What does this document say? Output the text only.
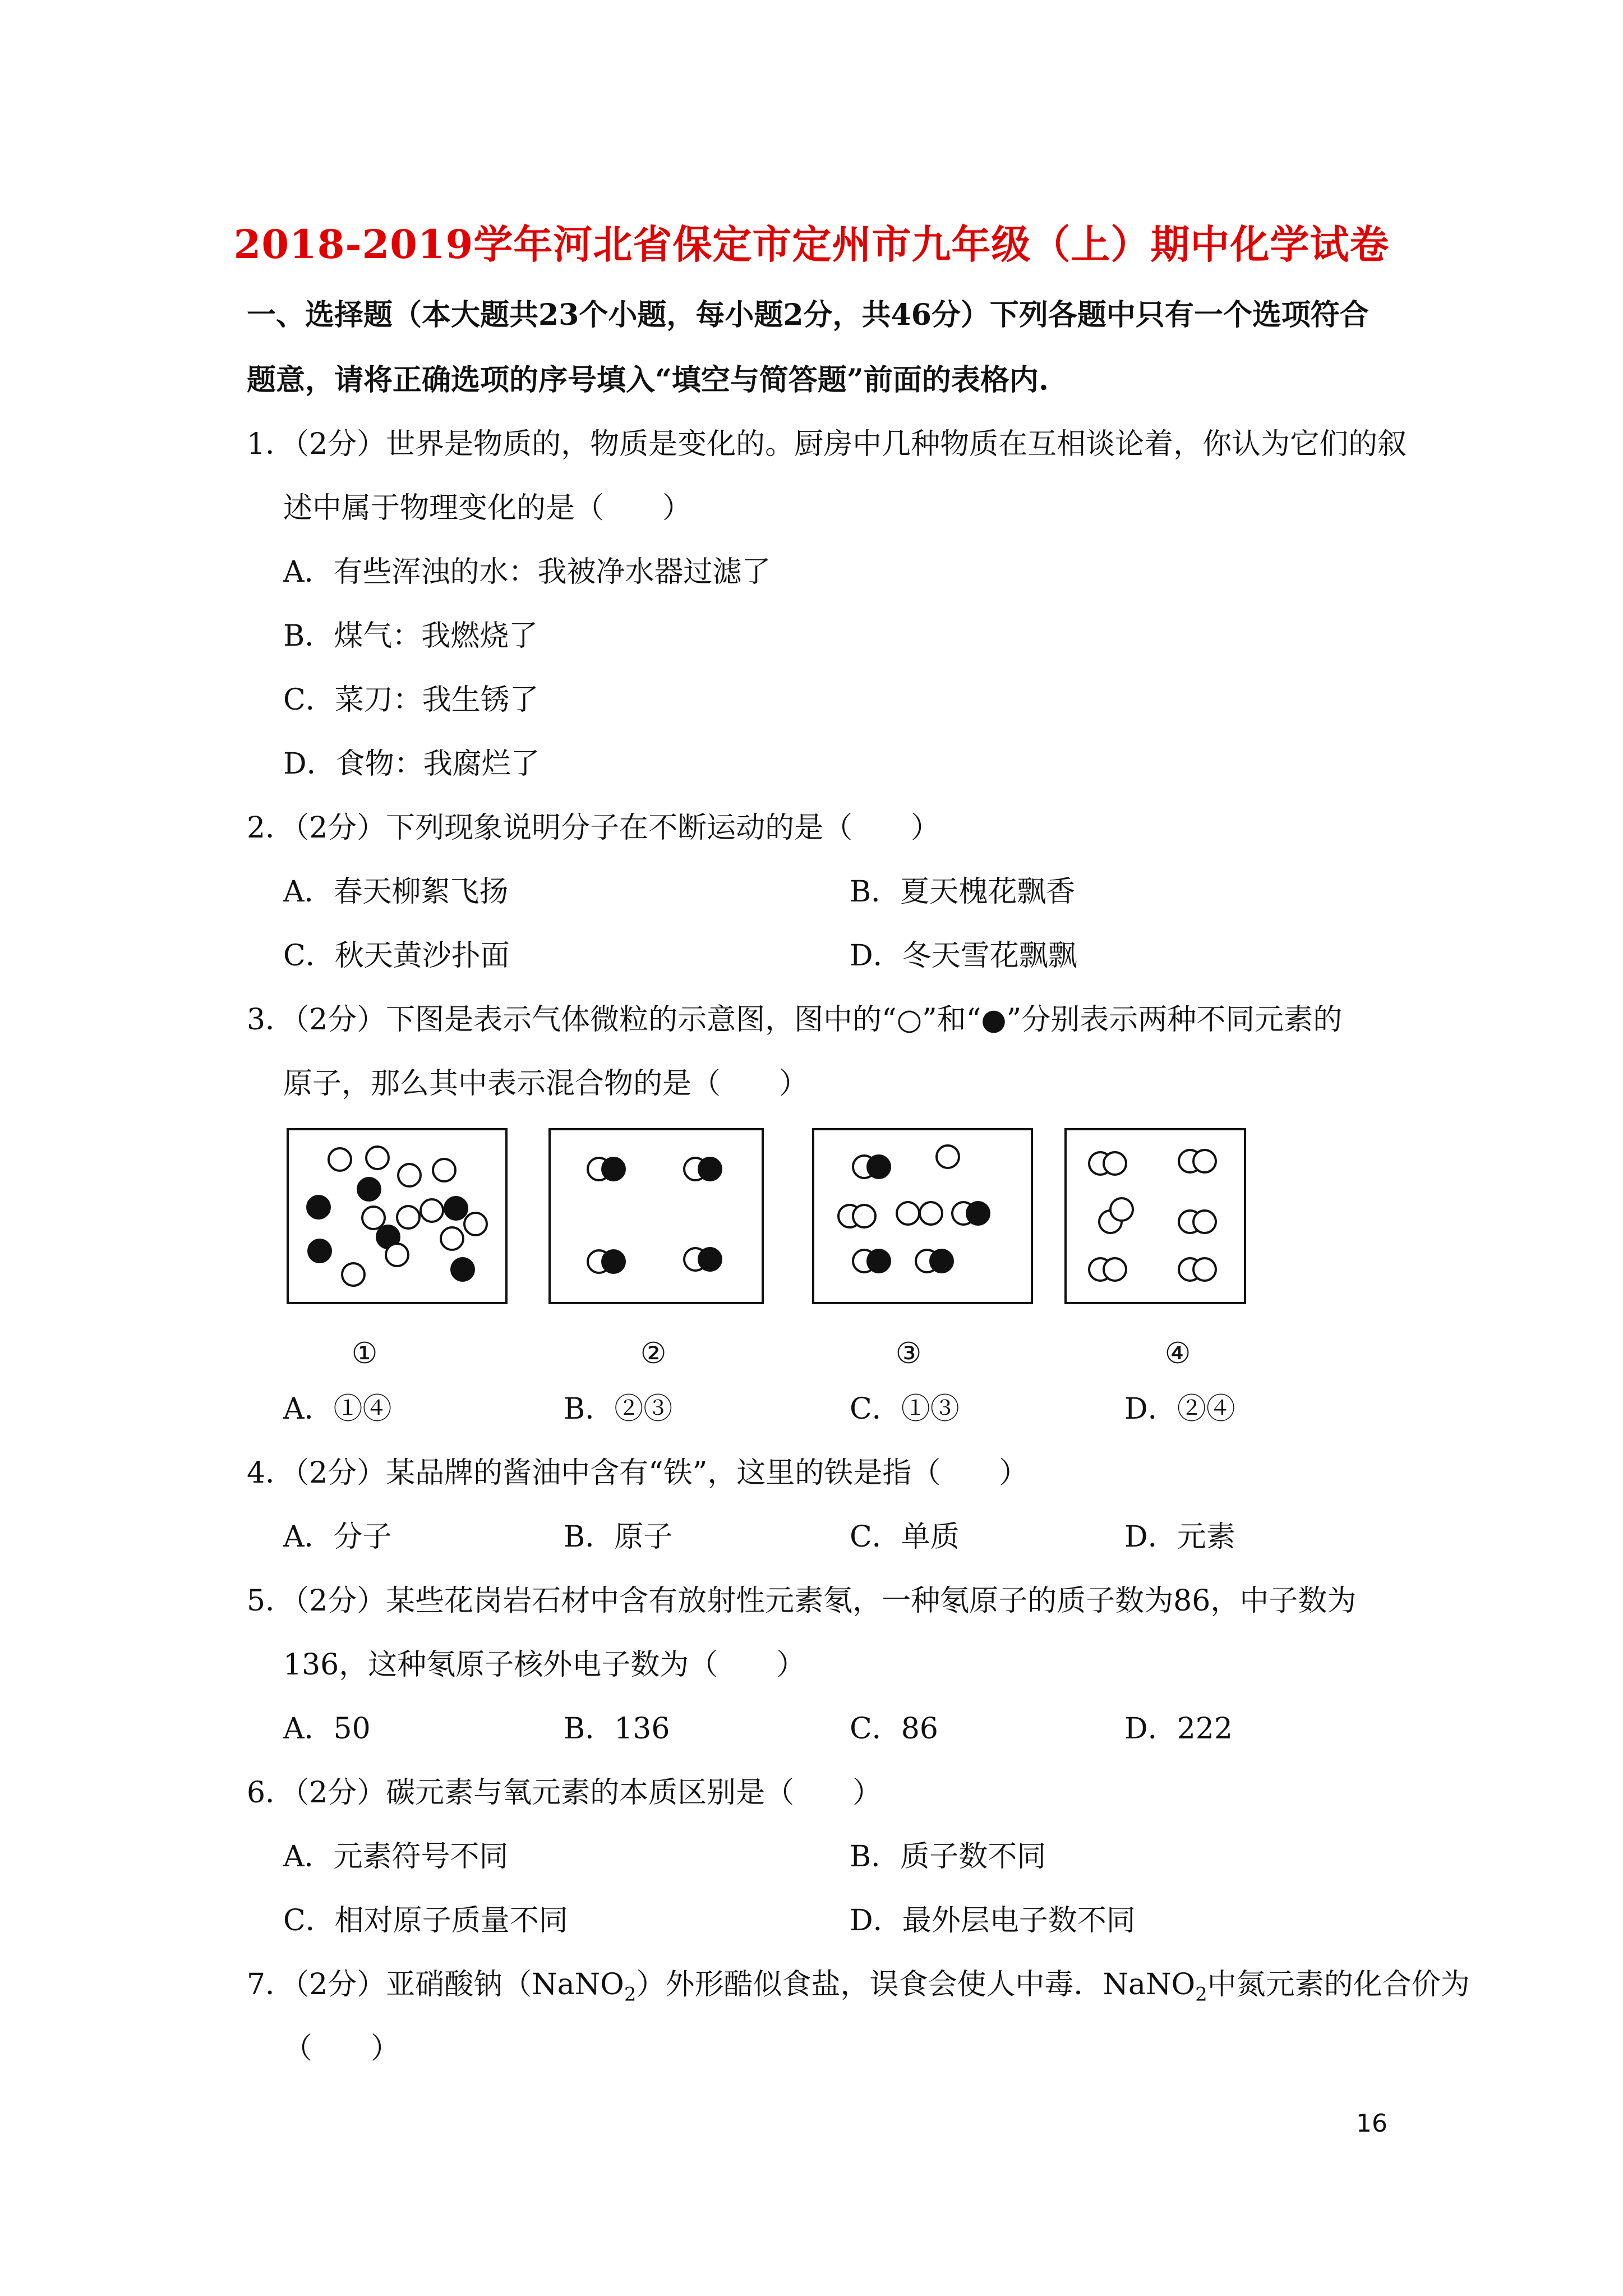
2018-2019学年河北省保定市定州市九年级（上）期中化学试卷
一、选择题（本大题共23个小题，每小题2分，共46分）下列各题中只有一个选项符合
题意，请将正确选项的序号填入“填空与简答题”前面的表格内.
1．（2分）世界是物质的，物质是变化的。厨房中几种物质在互相谈论着，你认为它们的叙
述中属于物理变化的是（　　）
A．有些浑浊的水：我被净水器过滤了
B．煤气：我燃烧了
C．菜刀：我生锈了
D．食物：我腐烂了
2．（2分）下列现象说明分子在不断运动的是（　　）
A．春天柳絮飞扬	B．夏天槐花飘香
C．秋天黄沙扑面	D．冬天雪花飘飘
3．（2分）下图是表示气体微粒的示意图，图中的“○”和“●”分别表示两种不同元素的
原子，那么其中表示混合物的是（　　）
①	②	③	④
A．①④	B．②③	C．①③	D．②④
4．（2分）某品牌的酱油中含有“铁”，这里的铁是指（　　）
A．分子	B．原子	C．单质	D．元素
5．（2分）某些花岗岩石材中含有放射性元素氡，一种氡原子的质子数为86，中子数为
136，这种氡原子核外电子数为（　　）
A．50	B．136	C．86	D．222
6．（2分）碳元素与氧元素的本质区别是（　　）
A．元素符号不同	B．质子数不同
C．相对原子质量不同	D．最外层电子数不同
7．（2分）亚硝酸钠（NaNO$_2$）外形酷似食盐，误食会使人中毒．NaNO$_2$中氮元素的化合价为
（　　）
16
